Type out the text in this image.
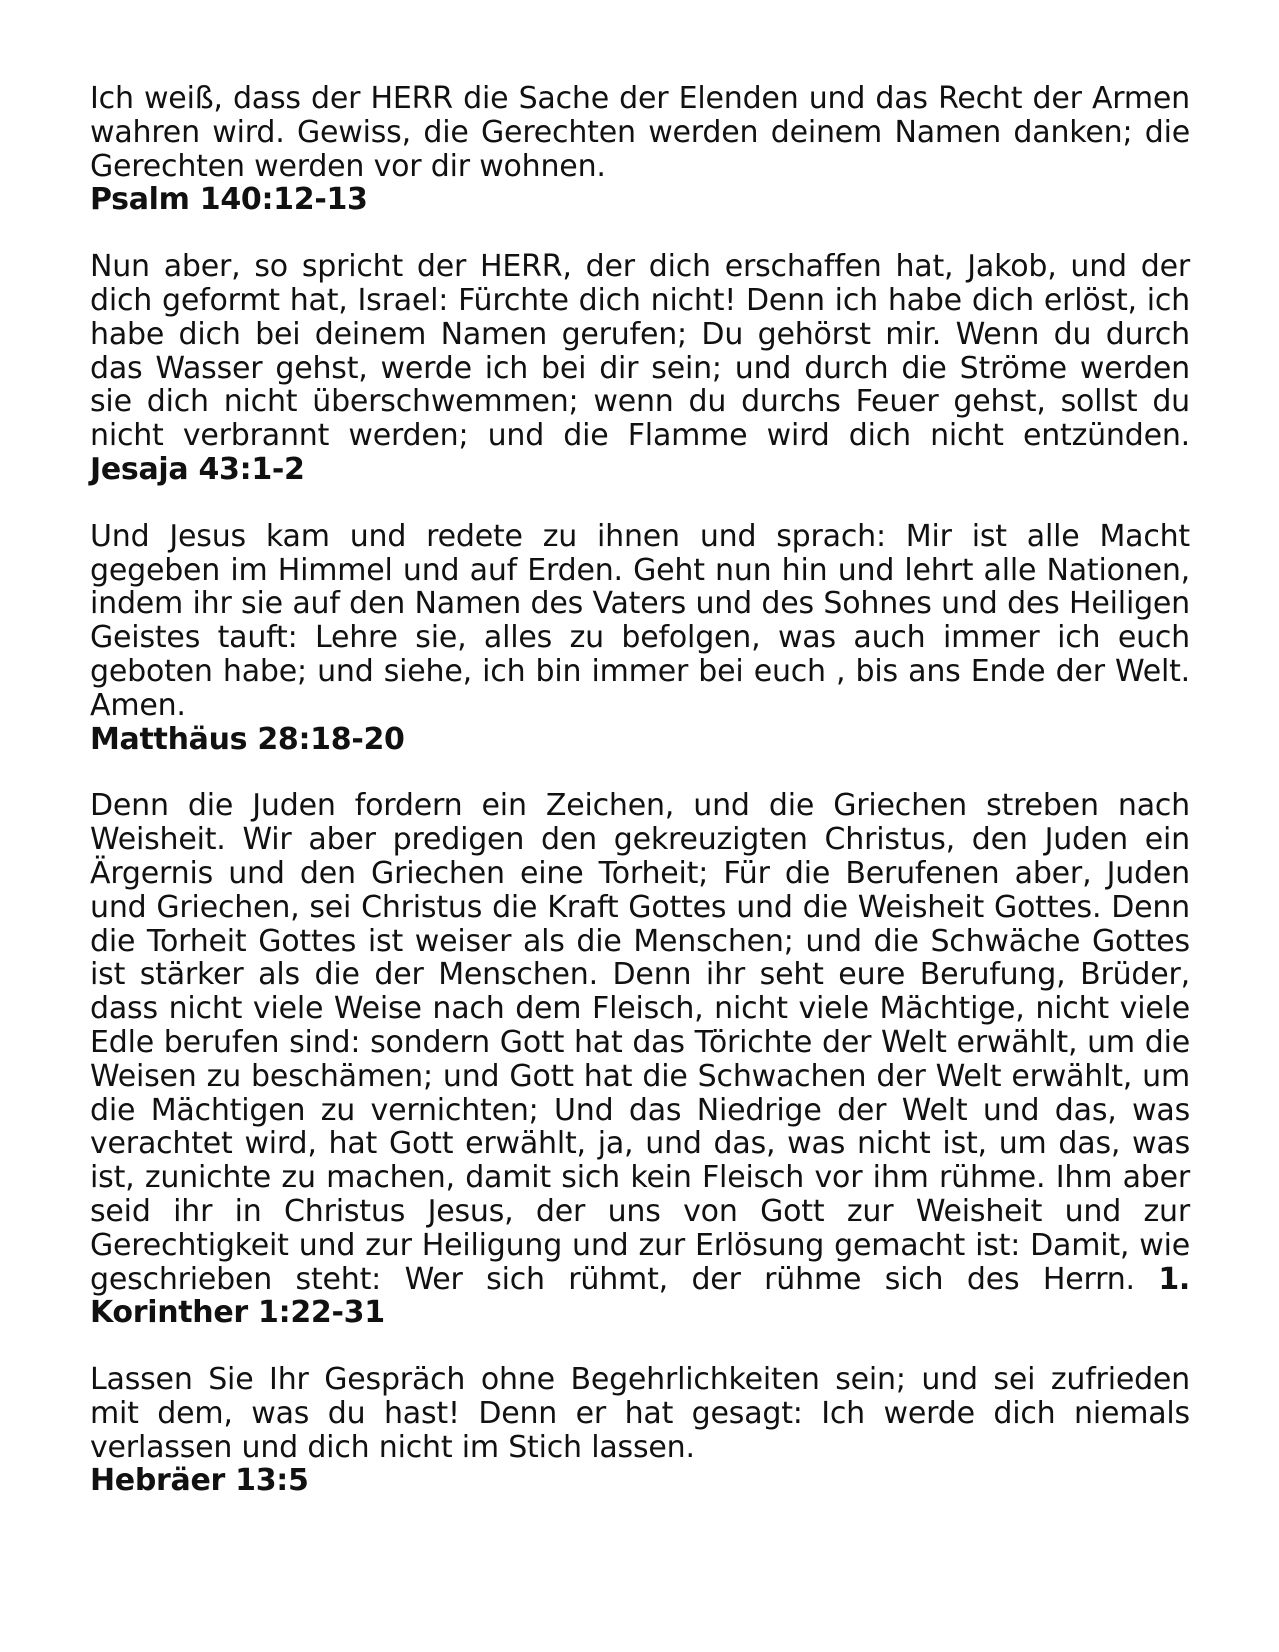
Ich weiß, dass der HERR die Sache der Elenden und das Recht der Armen wahren wird. Gewiss, die Gerechten werden deinem Namen danken; die Gerechten werden vor dir wohnen.
Psalm 140:12-13

Nun aber, so spricht der HERR, der dich erschaffen hat, Jakob, und der dich geformt hat, Israel: Fürchte dich nicht! Denn ich habe dich erlöst, ich habe dich bei deinem Namen gerufen; Du gehörst mir. Wenn du durch das Wasser gehst, werde ich bei dir sein; und durch die Ströme werden sie dich nicht überschwemmen; wenn du durchs Feuer gehst, sollst du nicht verbrannt werden; und die Flamme wird dich nicht entzünden. Jesaja 43:1-2

Und Jesus kam und redete zu ihnen und sprach: Mir ist alle Macht gegeben im Himmel und auf Erden. Geht nun hin und lehrt alle Nationen, indem ihr sie auf den Namen des Vaters und des Sohnes und des Heiligen Geistes tauft: Lehre sie, alles zu befolgen, was auch immer ich euch geboten habe; und siehe, ich bin immer bei euch , bis ans Ende der Welt. Amen.
Matthäus 28:18-20

Denn die Juden fordern ein Zeichen, und die Griechen streben nach Weisheit. Wir aber predigen den gekreuzigten Christus, den Juden ein Ärgernis und den Griechen eine Torheit; Für die Berufenen aber, Juden und Griechen, sei Christus die Kraft Gottes und die Weisheit Gottes. Denn die Torheit Gottes ist weiser als die Menschen; und die Schwäche Gottes ist stärker als die der Menschen. Denn ihr seht eure Berufung, Brüder, dass nicht viele Weise nach dem Fleisch, nicht viele Mächtige, nicht viele Edle berufen sind: sondern Gott hat das Törichte der Welt erwählt, um die Weisen zu beschämen; und Gott hat die Schwachen der Welt erwählt, um die Mächtigen zu vernichten; Und das Niedrige der Welt und das, was verachtet wird, hat Gott erwählt, ja, und das, was nicht ist, um das, was ist, zunichte zu machen, damit sich kein Fleisch vor ihm rühme. Ihm aber seid ihr in Christus Jesus, der uns von Gott zur Weisheit und zur Gerechtigkeit und zur Heiligung und zur Erlösung gemacht ist: Damit, wie geschrieben steht: Wer sich rühmt, der rühme sich des Herrn. 1. Korinther 1:22-31

Lassen Sie Ihr Gespräch ohne Begehrlichkeiten sein; und sei zufrieden mit dem, was du hast! Denn er hat gesagt: Ich werde dich niemals verlassen und dich nicht im Stich lassen.
Hebräer 13:5
